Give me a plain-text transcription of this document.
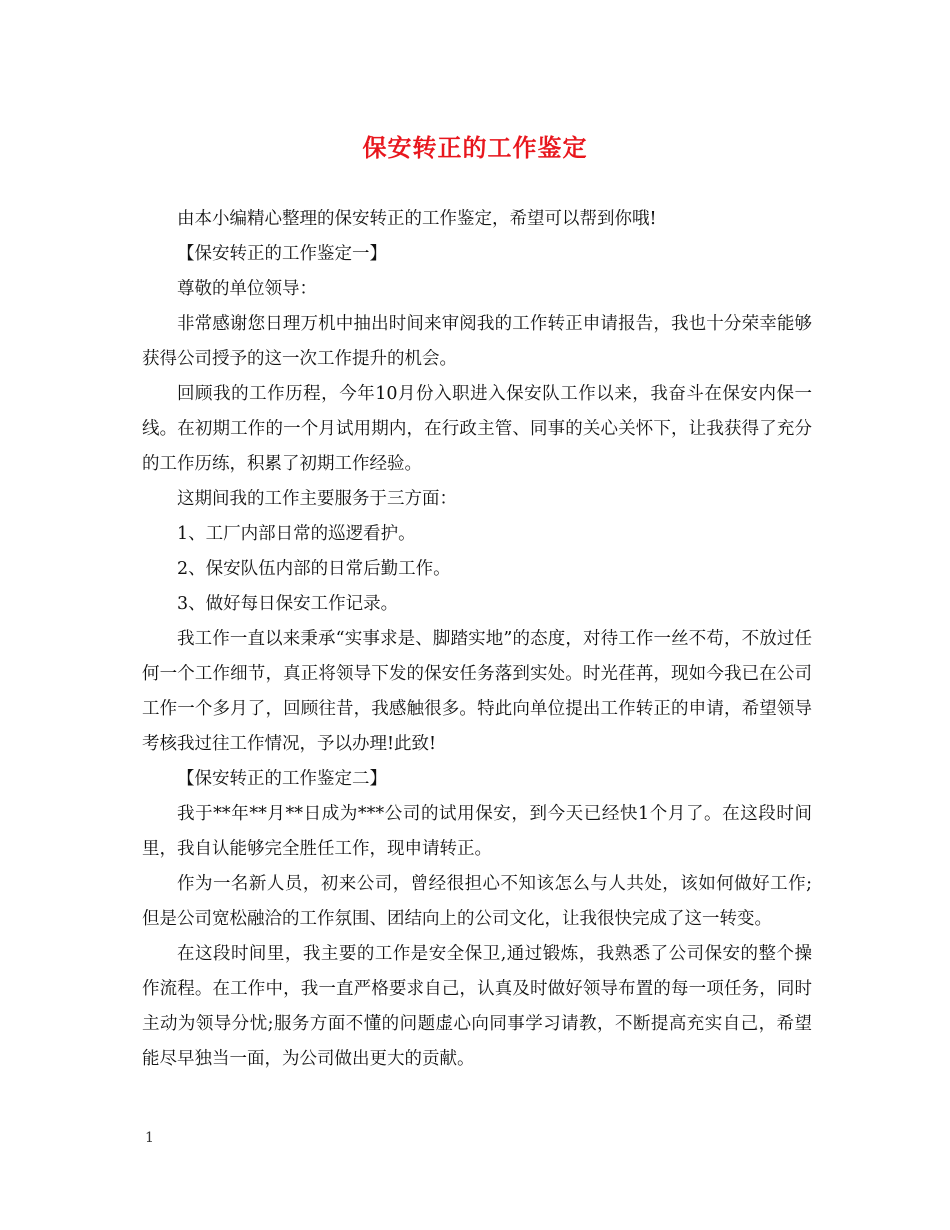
保安转正的工作鉴定

由本小编精心整理的保安转正的工作鉴定，希望可以帮到你哦!

【保安转正的工作鉴定一】

尊敬的单位领导：

非常感谢您日理万机中抽出时间来审阅我的工作转正申请报告，我也十分荣幸能够获得公司授予的这一次工作提升的机会。

回顾我的工作历程，今年10月份入职进入保安队工作以来，我奋斗在保安内保一线。在初期工作的一个月试用期内，在行政主管、同事的关心关怀下，让我获得了充分的工作历练，积累了初期工作经验。

这期间我的工作主要服务于三方面：

1、工厂内部日常的巡逻看护。

2、保安队伍内部的日常后勤工作。

3、做好每日保安工作记录。

我工作一直以来秉承“实事求是、脚踏实地”的态度，对待工作一丝不苟，不放过任何一个工作细节，真正将领导下发的保安任务落到实处。时光荏苒，现如今我已在公司工作一个多月了，回顾往昔，我感触很多。特此向单位提出工作转正的申请，希望领导考核我过往工作情况，予以办理!此致!

【保安转正的工作鉴定二】

我于**年**月**日成为***公司的试用保安，到今天已经快1个月了。在这段时间里，我自认能够完全胜任工作，现申请转正。

作为一名新人员，初来公司，曾经很担心不知该怎么与人共处，该如何做好工作;但是公司宽松融洽的工作氛围、团结向上的公司文化，让我很快完成了这一转变。

在这段时间里，我主要的工作是安全保卫,通过锻炼，我熟悉了公司保安的整个操作流程。在工作中，我一直严格要求自己，认真及时做好领导布置的每一项任务，同时主动为领导分忧;服务方面不懂的问题虚心向同事学习请教，不断提高充实自己，希望能尽早独当一面，为公司做出更大的贡献。

1
